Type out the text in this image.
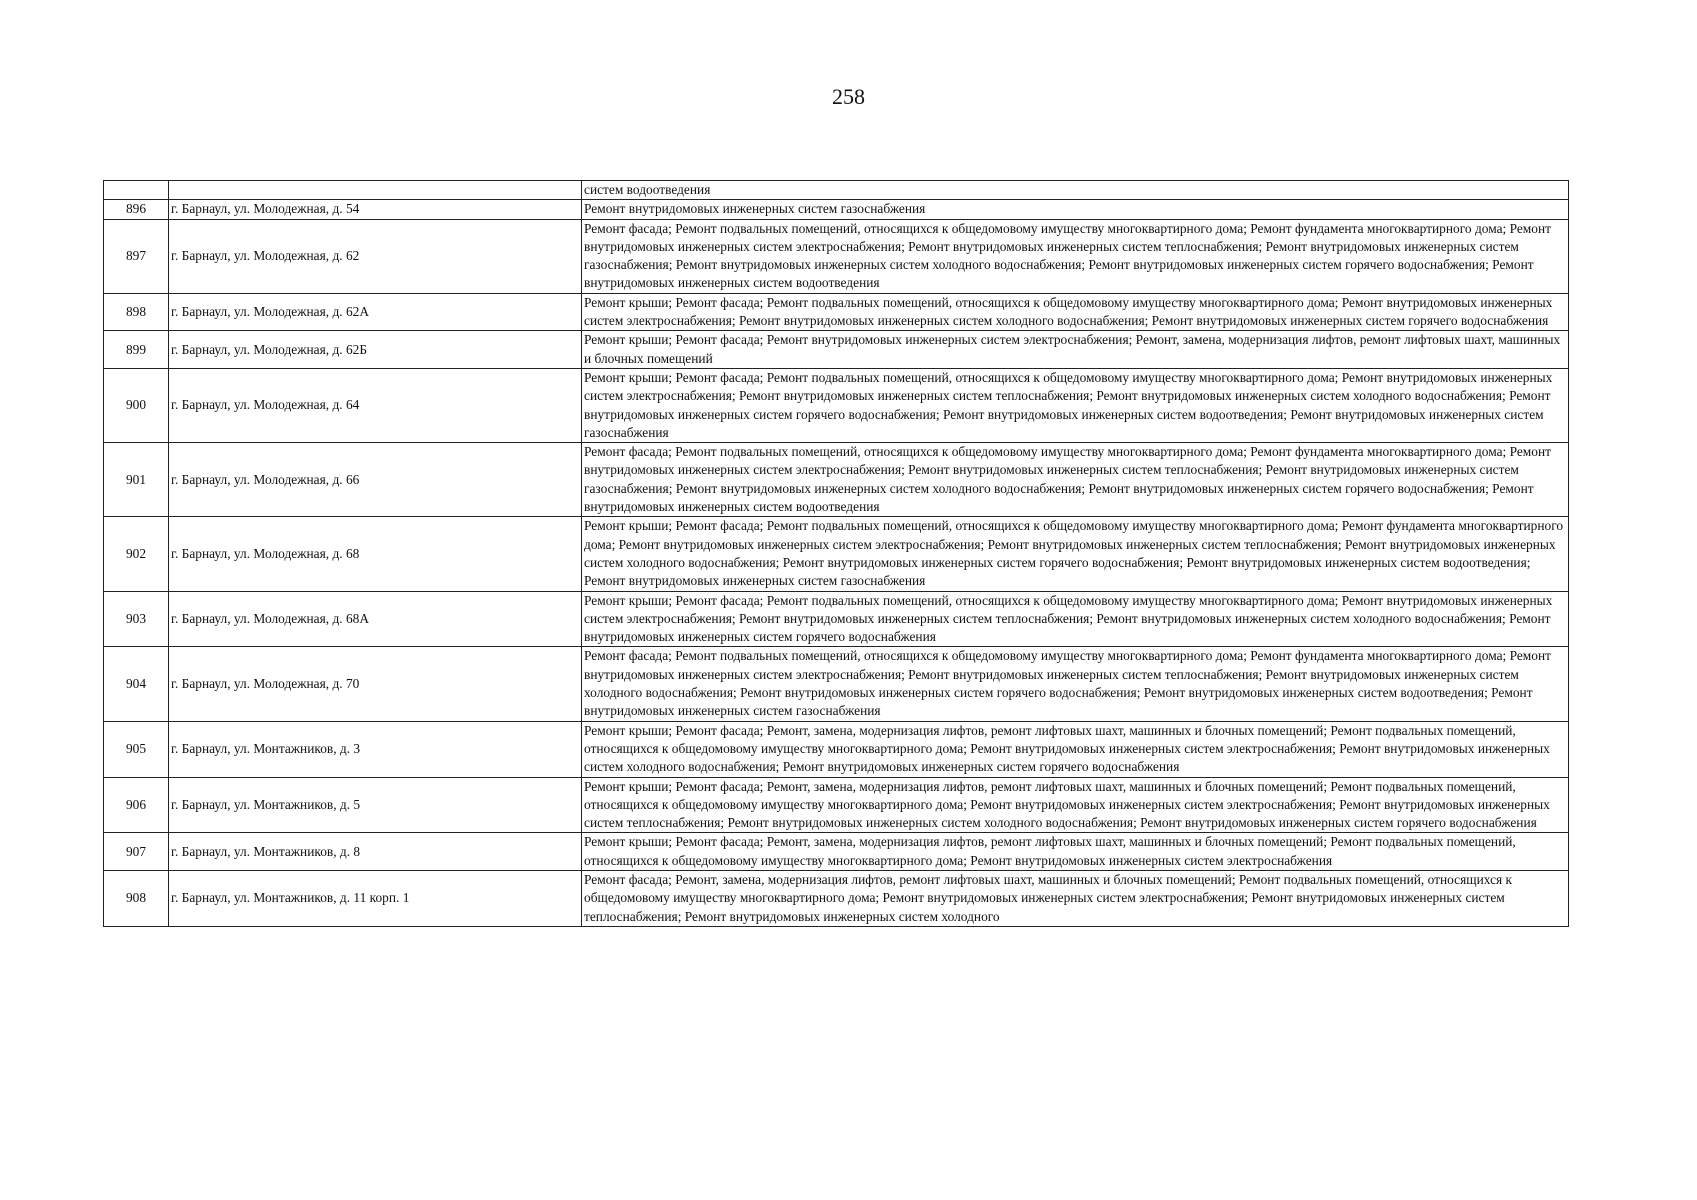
258
		систем водоотведения
896	г. Барнаул, ул. Молодежная, д. 54	Ремонт внутридомовых инженерных систем газоснабжения
897	г. Барнаул, ул. Молодежная, д. 62	Ремонт фасада; Ремонт подвальных помещений, относящихся к общедомовому имуществу многоквартирного дома; Ремонт фундамента многоквартирного дома; Ремонт внутридомовых инженерных систем электроснабжения; Ремонт внутридомовых инженерных систем теплоснабжения; Ремонт внутридомовых инженерных систем газоснабжения; Ремонт внутридомовых инженерных систем холодного водоснабжения; Ремонт внутридомовых инженерных систем горячего водоснабжения; Ремонт внутридомовых инженерных систем водоотведения
898	г. Барнаул, ул. Молодежная, д. 62А	Ремонт крыши; Ремонт фасада; Ремонт подвальных помещений, относящихся к общедомовому имуществу многоквартирного дома; Ремонт внутридомовых инженерных систем электроснабжения; Ремонт внутридомовых инженерных систем холодного водоснабжения; Ремонт внутридомовых инженерных систем горячего водоснабжения
899	г. Барнаул, ул. Молодежная, д. 62Б	Ремонт крыши; Ремонт фасада; Ремонт внутридомовых инженерных систем электроснабжения; Ремонт, замена, модернизация лифтов, ремонт лифтовых шахт, машинных и блочных помещений
900	г. Барнаул, ул. Молодежная, д. 64	Ремонт крыши; Ремонт фасада; Ремонт подвальных помещений, относящихся к общедомовому имуществу многоквартирного дома; Ремонт внутридомовых инженерных систем электроснабжения; Ремонт внутридомовых инженерных систем теплоснабжения; Ремонт внутридомовых инженерных систем холодного водоснабжения; Ремонт внутридомовых инженерных систем горячего водоснабжения; Ремонт внутридомовых инженерных систем водоотведения; Ремонт внутридомовых инженерных систем газоснабжения
901	г. Барнаул, ул. Молодежная, д. 66	Ремонт фасада; Ремонт подвальных помещений, относящихся к общедомовому имуществу многоквартирного дома; Ремонт фундамента многоквартирного дома; Ремонт внутридомовых инженерных систем электроснабжения; Ремонт внутридомовых инженерных систем теплоснабжения; Ремонт внутридомовых инженерных систем газоснабжения; Ремонт внутридомовых инженерных систем холодного водоснабжения; Ремонт внутридомовых инженерных систем горячего водоснабжения; Ремонт внутридомовых инженерных систем водоотведения
902	г. Барнаул, ул. Молодежная, д. 68	Ремонт крыши; Ремонт фасада; Ремонт подвальных помещений, относящихся к общедомовому имуществу многоквартирного дома; Ремонт фундамента многоквартирного дома; Ремонт внутридомовых инженерных систем электроснабжения; Ремонт внутридомовых инженерных систем теплоснабжения; Ремонт внутридомовых инженерных систем холодного водоснабжения; Ремонт внутридомовых инженерных систем горячего водоснабжения; Ремонт внутридомовых инженерных систем водоотведения; Ремонт внутридомовых инженерных систем газоснабжения
903	г. Барнаул, ул. Молодежная, д. 68А	Ремонт крыши; Ремонт фасада; Ремонт подвальных помещений, относящихся к общедомовому имуществу многоквартирного дома; Ремонт внутридомовых инженерных систем электроснабжения; Ремонт внутридомовых инженерных систем теплоснабжения; Ремонт внутридомовых инженерных систем холодного водоснабжения; Ремонт внутридомовых инженерных систем горячего водоснабжения
904	г. Барнаул, ул. Молодежная, д. 70	Ремонт фасада; Ремонт подвальных помещений, относящихся к общедомовому имуществу многоквартирного дома; Ремонт фундамента многоквартирного дома; Ремонт внутридомовых инженерных систем электроснабжения; Ремонт внутридомовых инженерных систем теплоснабжения; Ремонт внутридомовых инженерных систем холодного водоснабжения; Ремонт внутридомовых инженерных систем горячего водоснабжения; Ремонт внутридомовых инженерных систем водоотведения; Ремонт внутридомовых инженерных систем газоснабжения
905	г. Барнаул, ул. Монтажников, д. 3	Ремонт крыши; Ремонт фасада; Ремонт, замена, модернизация лифтов, ремонт лифтовых шахт, машинных и блочных помещений; Ремонт подвальных помещений, относящихся к общедомовому имуществу многоквартирного дома; Ремонт внутридомовых инженерных систем электроснабжения; Ремонт внутридомовых инженерных систем холодного водоснабжения; Ремонт внутридомовых инженерных систем горячего водоснабжения
906	г. Барнаул, ул. Монтажников, д. 5	Ремонт крыши; Ремонт фасада; Ремонт, замена, модернизация лифтов, ремонт лифтовых шахт, машинных и блочных помещений; Ремонт подвальных помещений, относящихся к общедомовому имуществу многоквартирного дома; Ремонт внутридомовых инженерных систем электроснабжения; Ремонт внутридомовых инженерных систем теплоснабжения; Ремонт внутридомовых инженерных систем холодного водоснабжения; Ремонт внутридомовых инженерных систем горячего водоснабжения
907	г. Барнаул, ул. Монтажников, д. 8	Ремонт крыши; Ремонт фасада; Ремонт, замена, модернизация лифтов, ремонт лифтовых шахт, машинных и блочных помещений; Ремонт подвальных помещений, относящихся к общедомовому имуществу многоквартирного дома; Ремонт внутридомовых инженерных систем электроснабжения
908	г. Барнаул, ул. Монтажников, д. 11 корп. 1	Ремонт фасада; Ремонт, замена, модернизация лифтов, ремонт лифтовых шахт, машинных и блочных помещений; Ремонт подвальных помещений, относящихся к общедомовому имуществу многоквартирного дома; Ремонт внутридомовых инженерных систем электроснабжения; Ремонт внутридомовых инженерных систем теплоснабжения; Ремонт внутридомовых инженерных систем холодного
